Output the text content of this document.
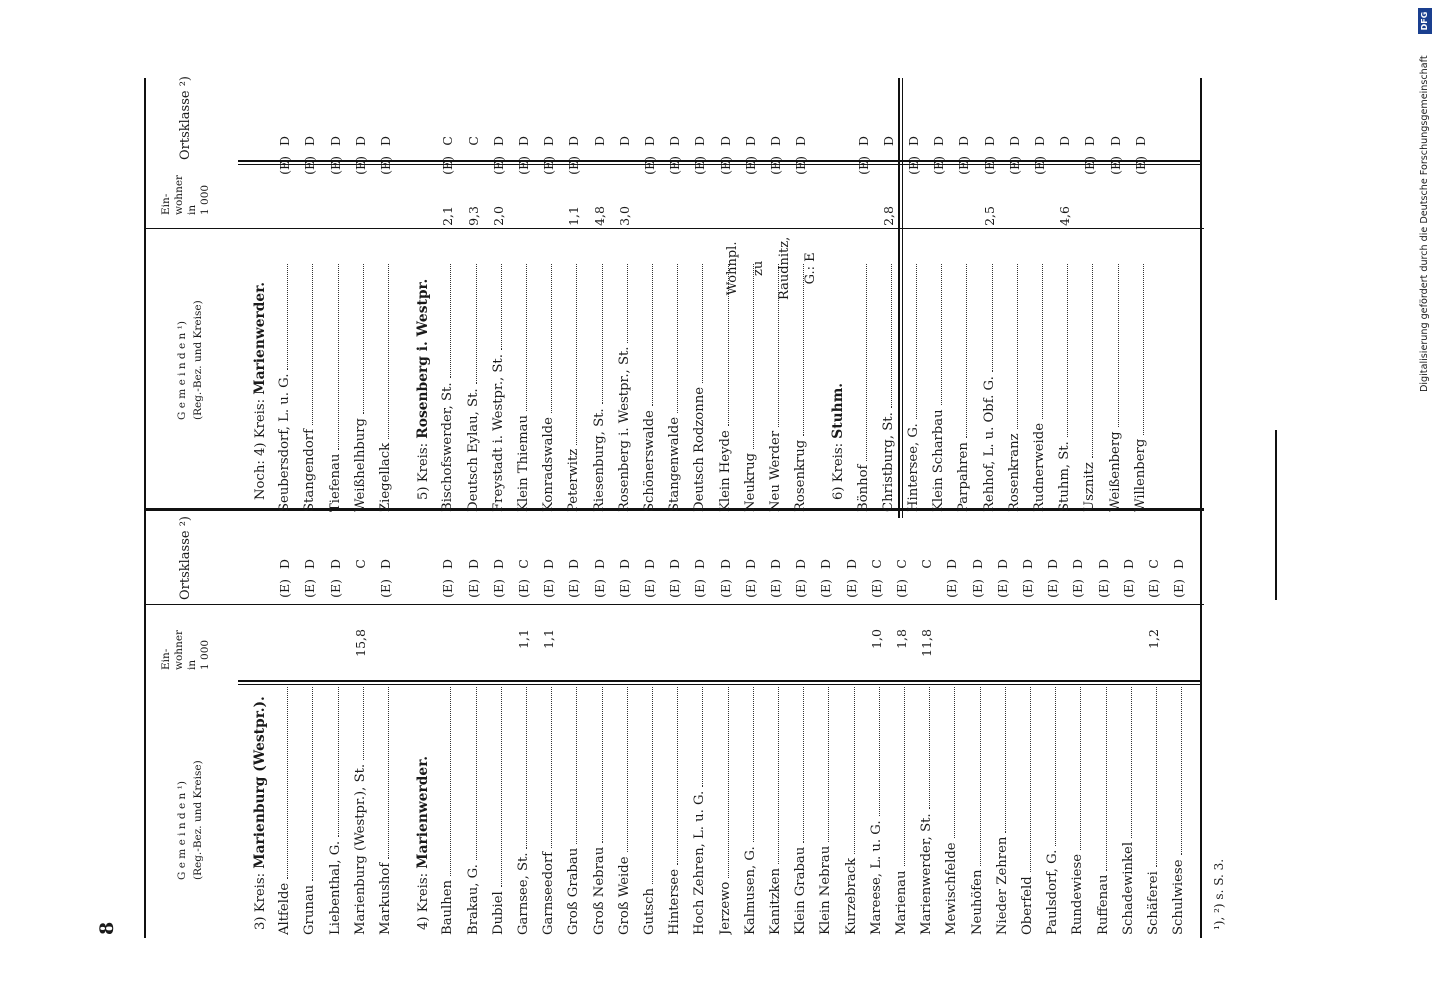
G e m e i n d e n ¹) (Reg.-Bez. und Kreise)
G e m e i n d e n ¹) (Reg.-Bez. und Kreise)
Ein-
Ein-
wohner
wohner
in
in
1 000
1 000
Ortsklasse ²)
Ortsklasse ²)
3) Kreis: Marienburg (Westpr.).
Altfelde
(E)D
Grunau
(E)D
Liebenthal, G.
(E)D
Marienburg (Westpr.), St.
15,8
C
Markushof
(E)D
4) Kreis: Marienwerder.
Baulhen
(E)D
Brakau, G.
(E)D
Dubiel
(E)D
Garnsee, St.
1,1
(E)C
Garnseedorf
1,1
(E)D
Groß Grabau
(E)D
Groß Nebrau
(E)D
Groß Weide
(E)D
Gutsch
(E)D
Hintersee
(E)D
Hoch Zehren, L. u. G.
(E)D
Jerzewo
(E)D
Kalmusen, G.
(E)D
Kanitzken
(E)D
Klein Grabau
(E)D
Klein Nebrau
(E)D
Kurzebrack
(E)D
Mareese, L. u. G.
1,0
(E)C
Marienau
1,8
(E)C
Marienwerder, St.
11,8
C
Mewischfelde
(E)D
Neuhöfen
(E)D
Nieder Zehren
(E)D
Oberfeld
(E)D
Paulsdorf, G.
(E)D
Rundewiese
(E)D
Ruffenau
(E)D
Schadewinkel
(E)D
Schäferei
1,2
(E)C
Schulwiese
(E)D
Noch: 4) Kreis: Marienwerder.
Seubersdorf, L. u. G.
(E)D
Stangendorf
(E)D
Tiefenau
(E)D
Weißhelhburg
(E)D
Ziegellack
(E)D
5) Kreis: Rosenberg i. Westpr.
Bischofswerder, St.
2,1
(E)C
Deutsch Eylau, St.
9,3
C
Freystadt i. Westpr., St.
2,0
(E)D
Klein Thiemau
(E)D
Konradswalde
(E)D
Peterwitz
1,1
(E)D
Riesenburg, St.
4,8
D
Rosenberg i. Westpr., St.
3,0
D
Schönerswalde
(E)D
Stangenwalde
(E)D
Deutsch Rodzonne
(E)D
Klein Heyde
(E)D
Neukrug
(E)D
Neu Werder
(E)D
Rosenkrug
(E)D
6) Kreis: Stuhm.
Bönhof
(E)D
Christburg, St.
2,8
D
Hintersee, G.
(E)D
Klein Scharbau
(E)D
Parpahren
(E)D
Rehhof, L. u. Obf. G.
2,5
(E)D
Rosenkranz
(E)D
Rudnerweide
(E)D
Stuhm, St.
4,6
D
Usznitz
(E)D
Weißenberg
(E)D
Willenberg
(E)D
Wohnpl. zu Raudnitz, G.: E
8	¹), ²) s. S. 3.
Digitalisierung gefördert durch die Deutsche Forschungsgemeinschaft
DFG
